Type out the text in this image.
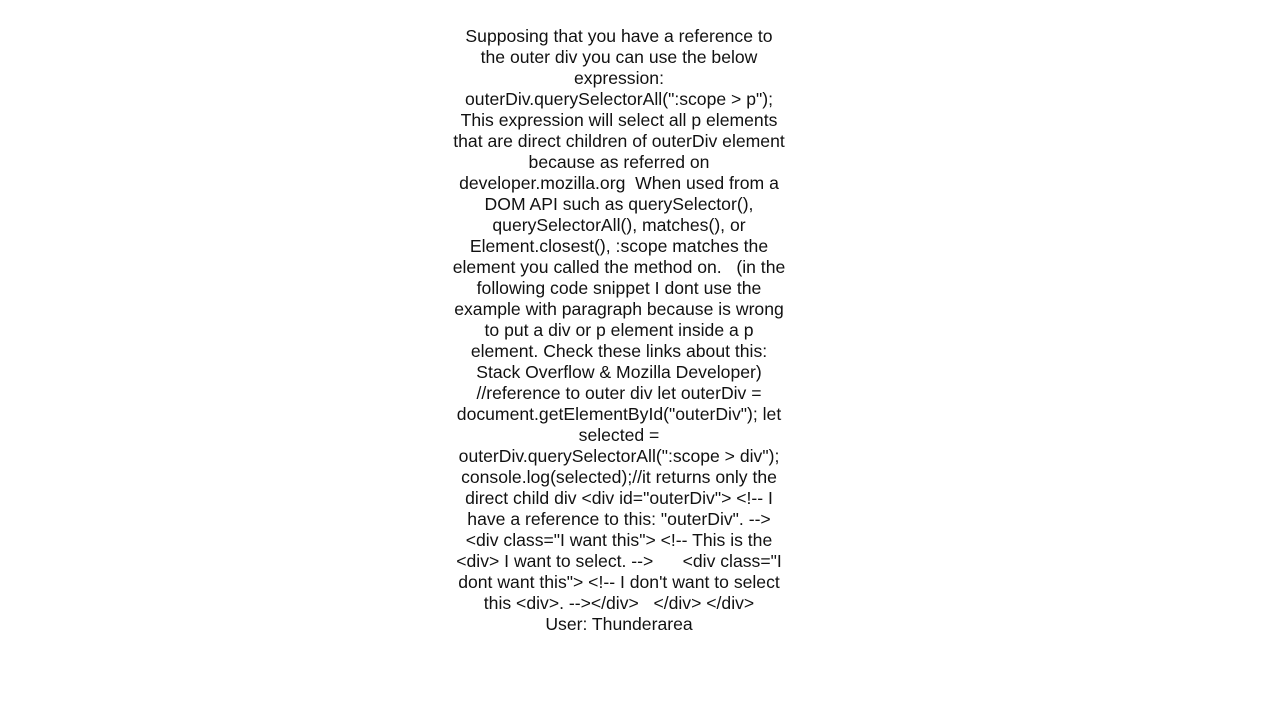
Supposing that you have a reference to the outer div you can use the below expression: outerDiv.querySelectorAll(":scope > p"); This expression will select all p elements that are direct children of outerDiv element because as referred on developer.mozilla.org  When used from a DOM API such as querySelector(), querySelectorAll(), matches(), or Element.closest(), :scope matches the element you called the method on.   (in the following code snippet I dont use the example with paragraph because is wrong to put a div or p element inside a p element. Check these links about this: Stack Overflow & Mozilla Developer) //reference to outer div let outerDiv = document.getElementById("outerDiv"); let selected = outerDiv.querySelectorAll(":scope > div");  console.log(selected);//it returns only the direct child div <div id="outerDiv"> <!-- I have a reference to this: "outerDiv". -->   <div class="I want this"> <!-- This is the <div> I want to select. -->      <div class="I dont want this"> <!-- I don't want to select this <div>. --></div>   </div> </div>     User: Thunderarea
